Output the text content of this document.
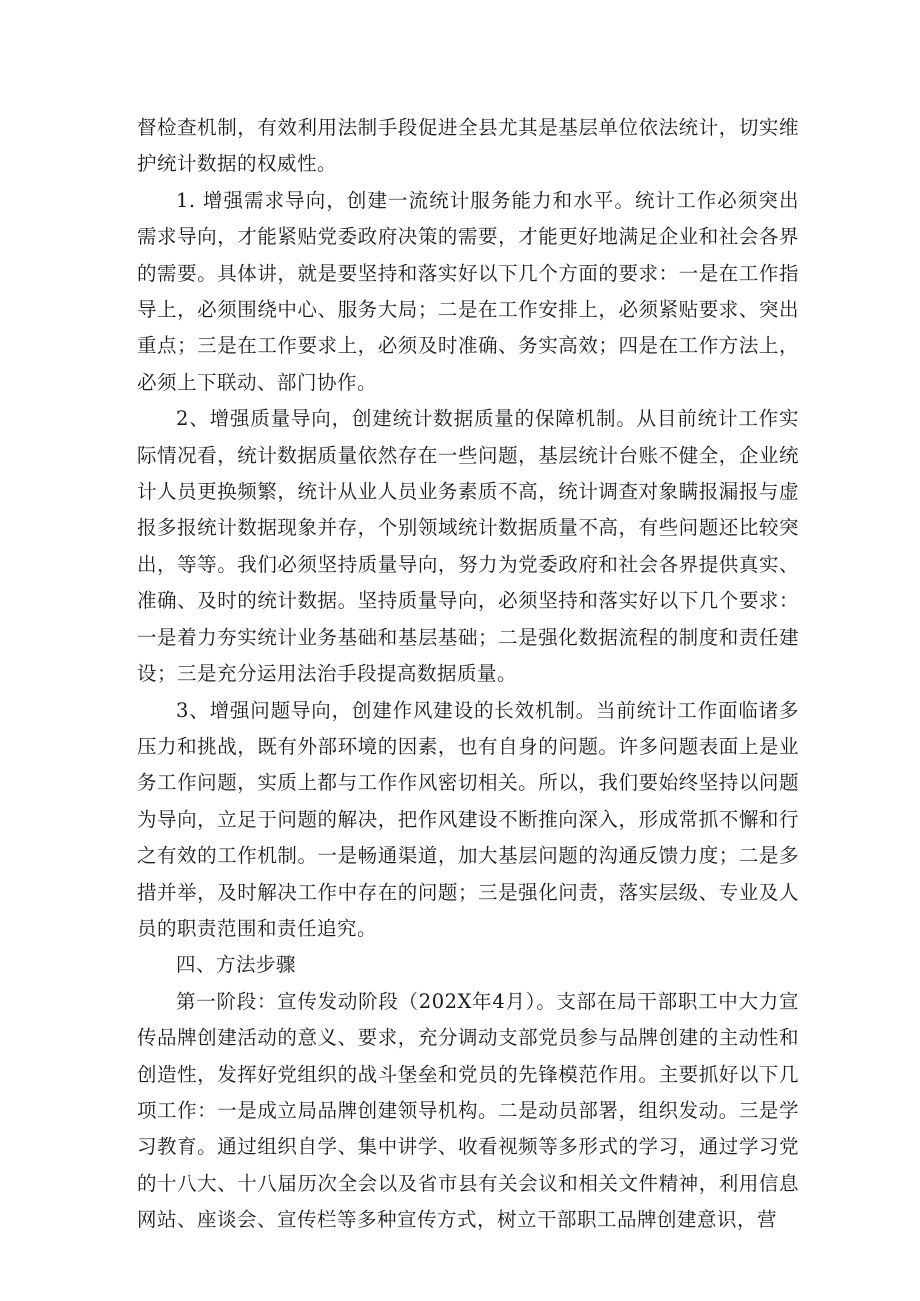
督检查机制，有效利用法制手段促进全县尤其是基层单位依法统计，切实维护统计数据的权威性。

1. 增强需求导向，创建一流统计服务能力和水平。统计工作必须突出需求导向，才能紧贴党委政府决策的需要，才能更好地满足企业和社会各界的需要。具体讲，就是要坚持和落实好以下几个方面的要求：一是在工作指导上，必须围绕中心、服务大局；二是在工作安排上，必须紧贴要求、突出重点；三是在工作要求上，必须及时准确、务实高效；四是在工作方法上，必须上下联动、部门协作。

2、增强质量导向，创建统计数据质量的保障机制。从目前统计工作实际情况看，统计数据质量依然存在一些问题，基层统计台账不健全，企业统计人员更换频繁，统计从业人员业务素质不高，统计调查对象瞒报漏报与虚报多报统计数据现象并存，个别领域统计数据质量不高，有些问题还比较突出，等等。我们必须坚持质量导向，努力为党委政府和社会各界提供真实、准确、及时的统计数据。坚持质量导向，必须坚持和落实好以下几个要求：一是着力夯实统计业务基础和基层基础；二是强化数据流程的制度和责任建设；三是充分运用法治手段提高数据质量。

3、增强问题导向，创建作风建设的长效机制。当前统计工作面临诸多压力和挑战，既有外部环境的因素，也有自身的问题。许多问题表面上是业务工作问题，实质上都与工作作风密切相关。所以，我们要始终坚持以问题为导向，立足于问题的解决，把作风建设不断推向深入，形成常抓不懈和行之有效的工作机制。一是畅通渠道，加大基层问题的沟通反馈力度；二是多措并举，及时解决工作中存在的问题；三是强化问责，落实层级、专业及人员的职责范围和责任追究。

四、方法步骤

第一阶段：宣传发动阶段（202X年4月）。支部在局干部职工中大力宣传品牌创建活动的意义、要求，充分调动支部党员参与品牌创建的主动性和创造性，发挥好党组织的战斗堡垒和党员的先锋模范作用。主要抓好以下几项工作：一是成立局品牌创建领导机构。二是动员部署，组织发动。三是学习教育。通过组织自学、集中讲学、收看视频等多形式的学习，通过学习党的十八大、十八届历次全会以及省市县有关会议和相关文件精神，利用信息网站、座谈会、宣传栏等多种宣传方式，树立干部职工品牌创建意识，营
